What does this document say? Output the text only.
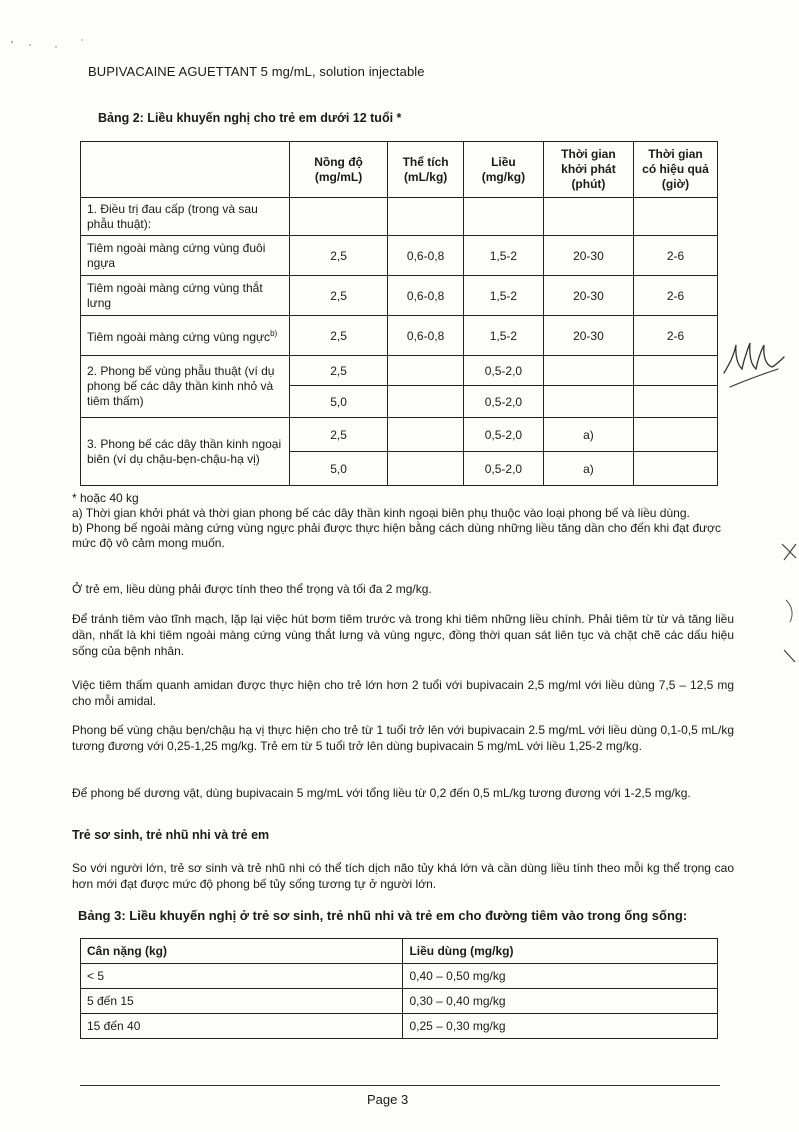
BUPIVACAINE AGUETTANT 5 mg/mL, solution injectable
Bảng 2: Liều khuyến nghị cho trẻ em dưới 12 tuổi *
	Nồng độ (mg/mL)	Thể tích (mL/kg)	Liều (mg/kg)	Thời gian khởi phát (phút)	Thời gian có hiệu quả (giờ)
1. Điều trị đau cấp (trong và sau phẫu thuật):					
Tiêm ngoài màng cứng vùng đuôi ngựa	2,5	0,6-0,8	1,5-2	20-30	2-6
Tiêm ngoài màng cứng vùng thắt lưng	2,5	0,6-0,8	1,5-2	20-30	2-6
Tiêm ngoài màng cứng vùng ngực$^{b)}$	2,5	0,6-0,8	1,5-2	20-30	2-6
2. Phong bế vùng phẫu thuật (ví dụ phong bế các dây thần kinh nhỏ và tiêm thấm)	2,5		0,5-2,0		
	5,0		0,5-2,0		
3. Phong bế các dây thần kinh ngoại biên (ví dụ chậu-bẹn-chậu-hạ vị)	2,5		0,5-2,0	a)	
	5,0		0,5-2,0	a)	

* hoặc 40 kg

a) Thời gian khởi phát và thời gian phong bế các dây thần kinh ngoại biên phụ thuộc vào loại phong bế và liều dùng.

b) Phong bế ngoài màng cứng vùng ngực phải được thực hiện bằng cách dùng những liều tăng dần cho đến khi đạt được mức độ vô cảm mong muốn.

Ở trẻ em, liều dùng phải được tính theo thể trọng và tối đa 2 mg/kg.

Để tránh tiêm vào tĩnh mạch, lặp lại việc hút bơm tiêm trước và trong khi tiêm những liều chính. Phải tiêm từ từ và tăng liều dần, nhất là khi tiêm ngoài màng cứng vùng thắt lưng và vùng ngực, đồng thời quan sát liên tục và chặt chẽ các dấu hiệu sống của bệnh nhân.

Việc tiêm thấm quanh amidan được thực hiện cho trẻ lớn hơn 2 tuổi với bupivacain 2,5 mg/ml với liều dùng 7,5 – 12,5 mg cho mỗi amidal.

Phong bế vùng chậu bẹn/chậu hạ vị thực hiện cho trẻ từ 1 tuổi trở lên với bupivacain 2.5 mg/mL với liều dùng 0,1-0,5 mL/kg tương đương với 0,25-1,25 mg/kg. Trẻ em từ 5 tuổi trở lên dùng bupivacain 5 mg/mL với liều 1,25-2 mg/kg.

Để phong bế dương vật, dùng bupivacain 5 mg/mL với tổng liều từ 0,2 đến 0,5 mL/kg tương đương với 1-2,5 mg/kg.

Trẻ sơ sinh, trẻ nhũ nhi và trẻ em

So với người lớn, trẻ sơ sinh và trẻ nhũ nhi có thể tích dịch não tủy khá lớn và cần dùng liều tính theo mỗi kg thể trọng cao hơn mới đạt được mức độ phong bế tủy sống tương tự ở người lớn.

Bảng 3: Liều khuyến nghị ở trẻ sơ sinh, trẻ nhũ nhi và trẻ em cho đường tiêm vào trong ống sống:
Cân nặng (kg)	Liều dùng (mg/kg)
< 5	0,40 – 0,50 mg/kg
5 đến 15	0,30 – 0,40 mg/kg
15 đến 40	0,25 – 0,30 mg/kg
Page 3
